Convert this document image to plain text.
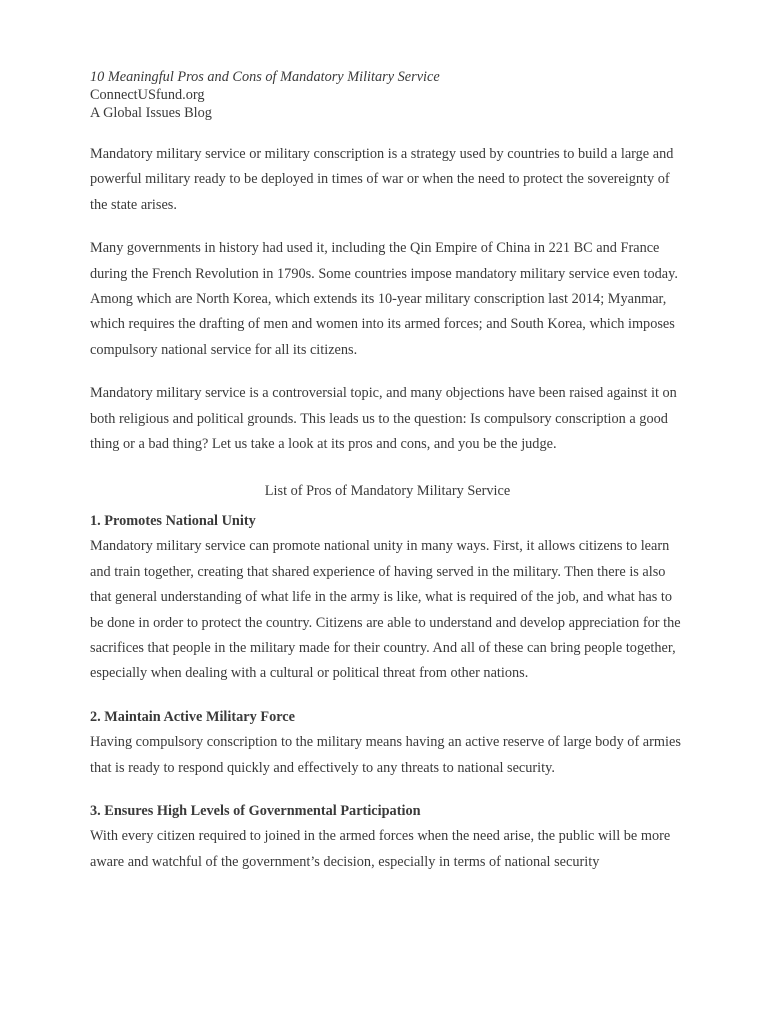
10 Meaningful Pros and Cons of Mandatory Military Service

ConnectUSfund.org

A Global Issues Blog

Mandatory military service or military conscription is a strategy used by countries to build a large and powerful military ready to be deployed in times of war or when the need to protect the sovereignty of the state arises.

Many governments in history had used it, including the Qin Empire of China in 221 BC and France during the French Revolution in 1790s. Some countries impose mandatory military service even today. Among which are North Korea, which extends its 10-year military conscription last 2014; Myanmar, which requires the drafting of men and women into its armed forces; and South Korea, which imposes compulsory national service for all its citizens.

Mandatory military service is a controversial topic, and many objections have been raised against it on both religious and political grounds. This leads us to the question: Is compulsory conscription a good thing or a bad thing? Let us take a look at its pros and cons, and you be the judge.

List of Pros of Mandatory Military Service

1. Promotes National Unity

Mandatory military service can promote national unity in many ways. First, it allows citizens to learn and train together, creating that shared experience of having served in the military. Then there is also that general understanding of what life in the army is like, what is required of the job, and what has to be done in order to protect the country. Citizens are able to understand and develop appreciation for the sacrifices that people in the military made for their country. And all of these can bring people together, especially when dealing with a cultural or political threat from other nations.

2. Maintain Active Military Force

Having compulsory conscription to the military means having an active reserve of large body of armies that is ready to respond quickly and effectively to any threats to national security.

3. Ensures High Levels of Governmental Participation

With every citizen required to joined in the armed forces when the need arise, the public will be more aware and watchful of the government’s decision, especially in terms of national security
